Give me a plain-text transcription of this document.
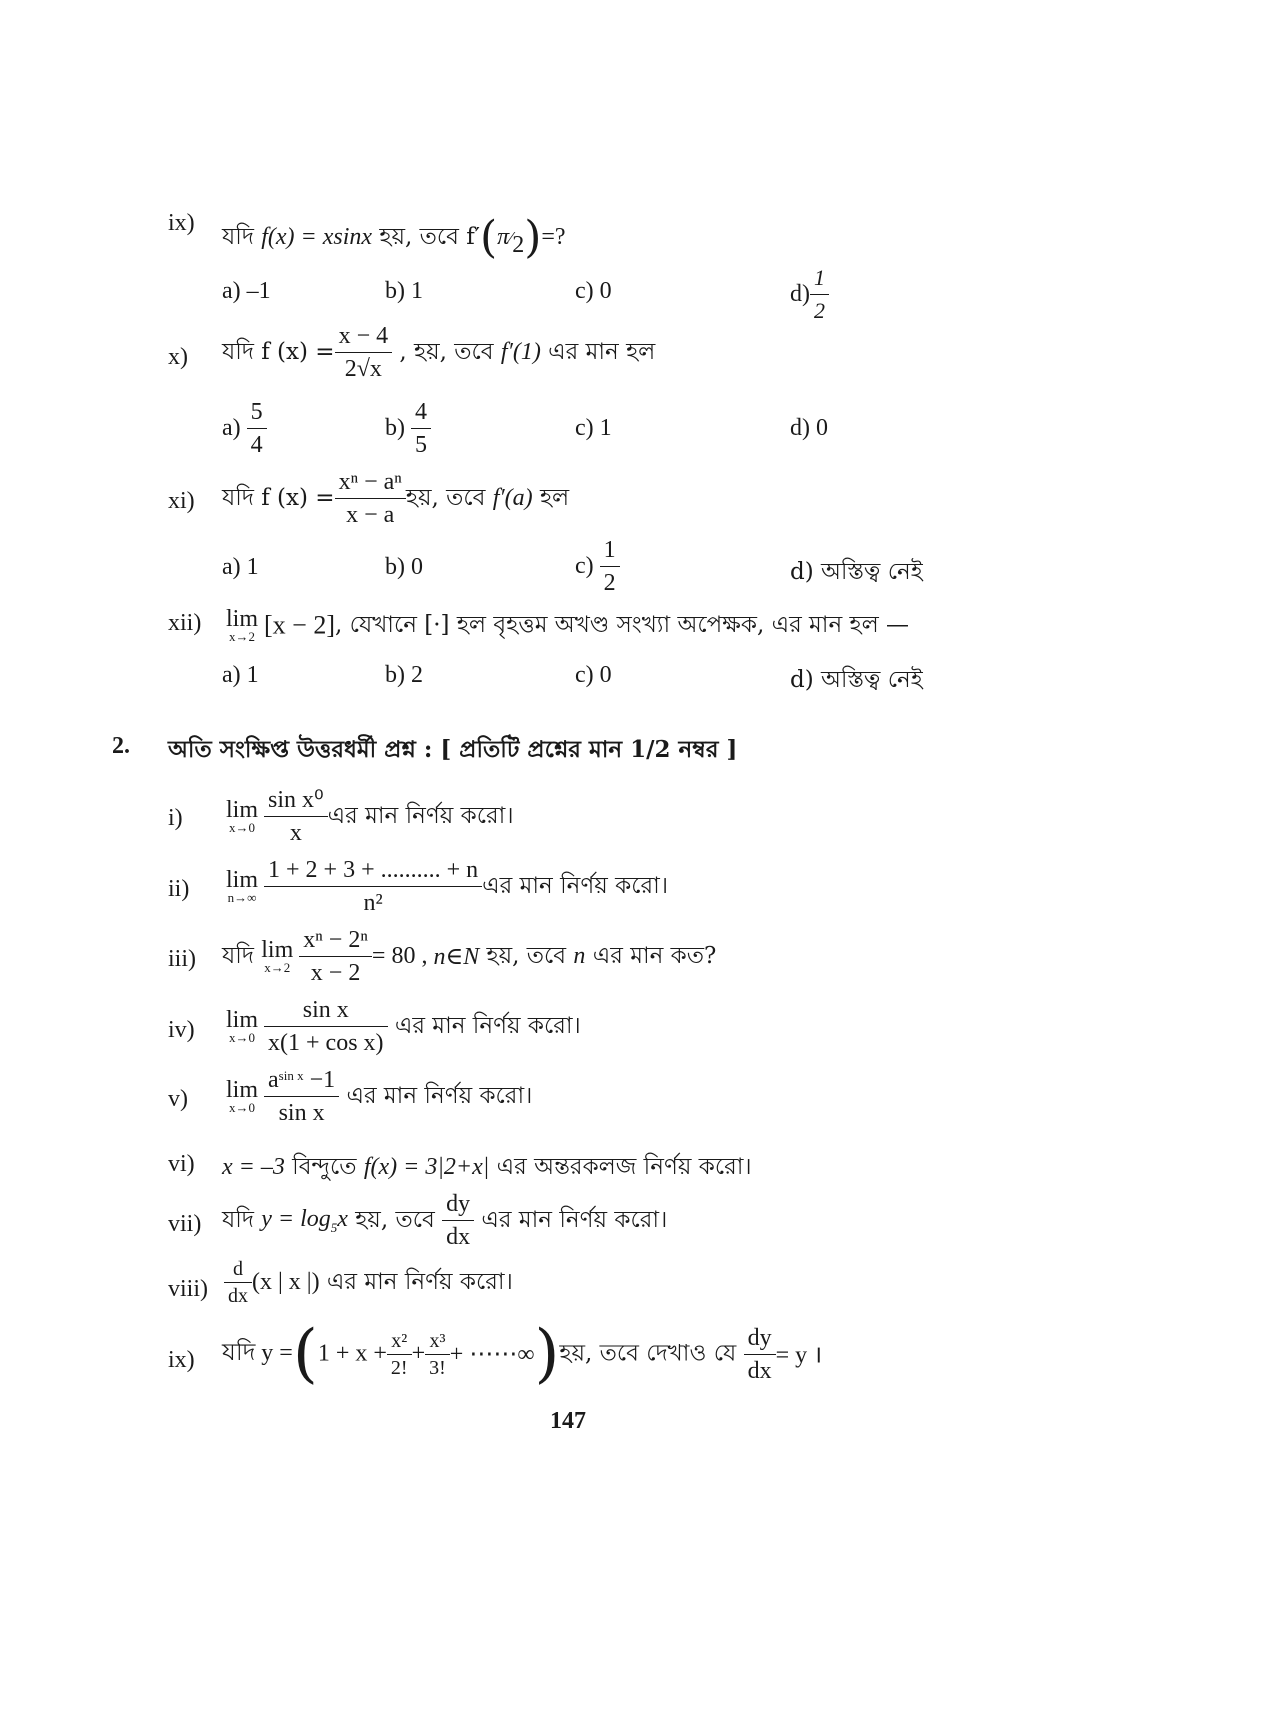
ix)
যদি f(x) = xsinx হয়, তবে f′(π⁄2)=?
a) –1	b) 1	c) 0	$d) \frac{1}{2}$
x) যদি f $(x) = \frac{x - 4}{2√x}$ , হয়, তবে f′(1) এর মান হল
$a) \frac{5}{4}$	$b) \frac{4}{5}$	c) 1	d) 0
xi) যদি f $(x) = \frac{\text{xⁿ − aⁿ}}{x - a}$ হয়, তবে f′(a) হল
a) 1	b) 0	$c) \frac{1}{2}$	d) অস্তিত্ব নেই
xii) lim
x→2 [x − 2], যেখানে [·] হল বৃহত্তম অখণ্ড সংখ্যা অপেক্ষক, এর মান হল —
a) 1	b) 2	c) 0	d) অস্তিত্ব নেই
2. অতি সংক্ষিপ্ত উত্তরধর্মী প্রশ্ন : [ প্রতিটি প্রশ্নের মান 1/2 নম্বর ]
i) lim
$x\to 0 \frac{\text{sin x⁰}}{x}$ এর মান নির্ণয় করো।
ii) lim
$n\to\infty \frac{1 + 2 + 3 + .......... + n}{\text{n²}}$ এর মান নির্ণয় করো।
iii) যদি lim
$x\to 2 \frac{\text{xⁿ − 2ⁿ}}{x - 2} = 80$ , n∈N হয়, তবে n এর মান কত?
iv) lim
$x\to 0 \frac{\text{sin x}}{\text{x(1 + cos x)}}$ এর মান নির্ণয় করো।
v) lim
$x\to 0 \frac{a^{sin x} -1}{\text{sin x}}$ এর মান নির্ণয় করো।
vi) x = –3 বিন্দুতে f(x) = 3|2+x| এর অন্তরকলজ নির্ণয় করো।
vii) যদি $y = \log_5x$ হয়, তবে $\frac{dy}{dx}$ এর মান নির্ণয় করো।
viii) $\frac{d}{dx} (x$ | x |) এর মান নির্ণয় করো।
ix) যদি $y =(1 + x + \frac{\text{x²}}{2!} + \frac{\text{x³}}{3!}$ + ⋯⋯∞)হয়, তবে দেখাও যে $\frac{dy}{dx} = y$ ।
147
